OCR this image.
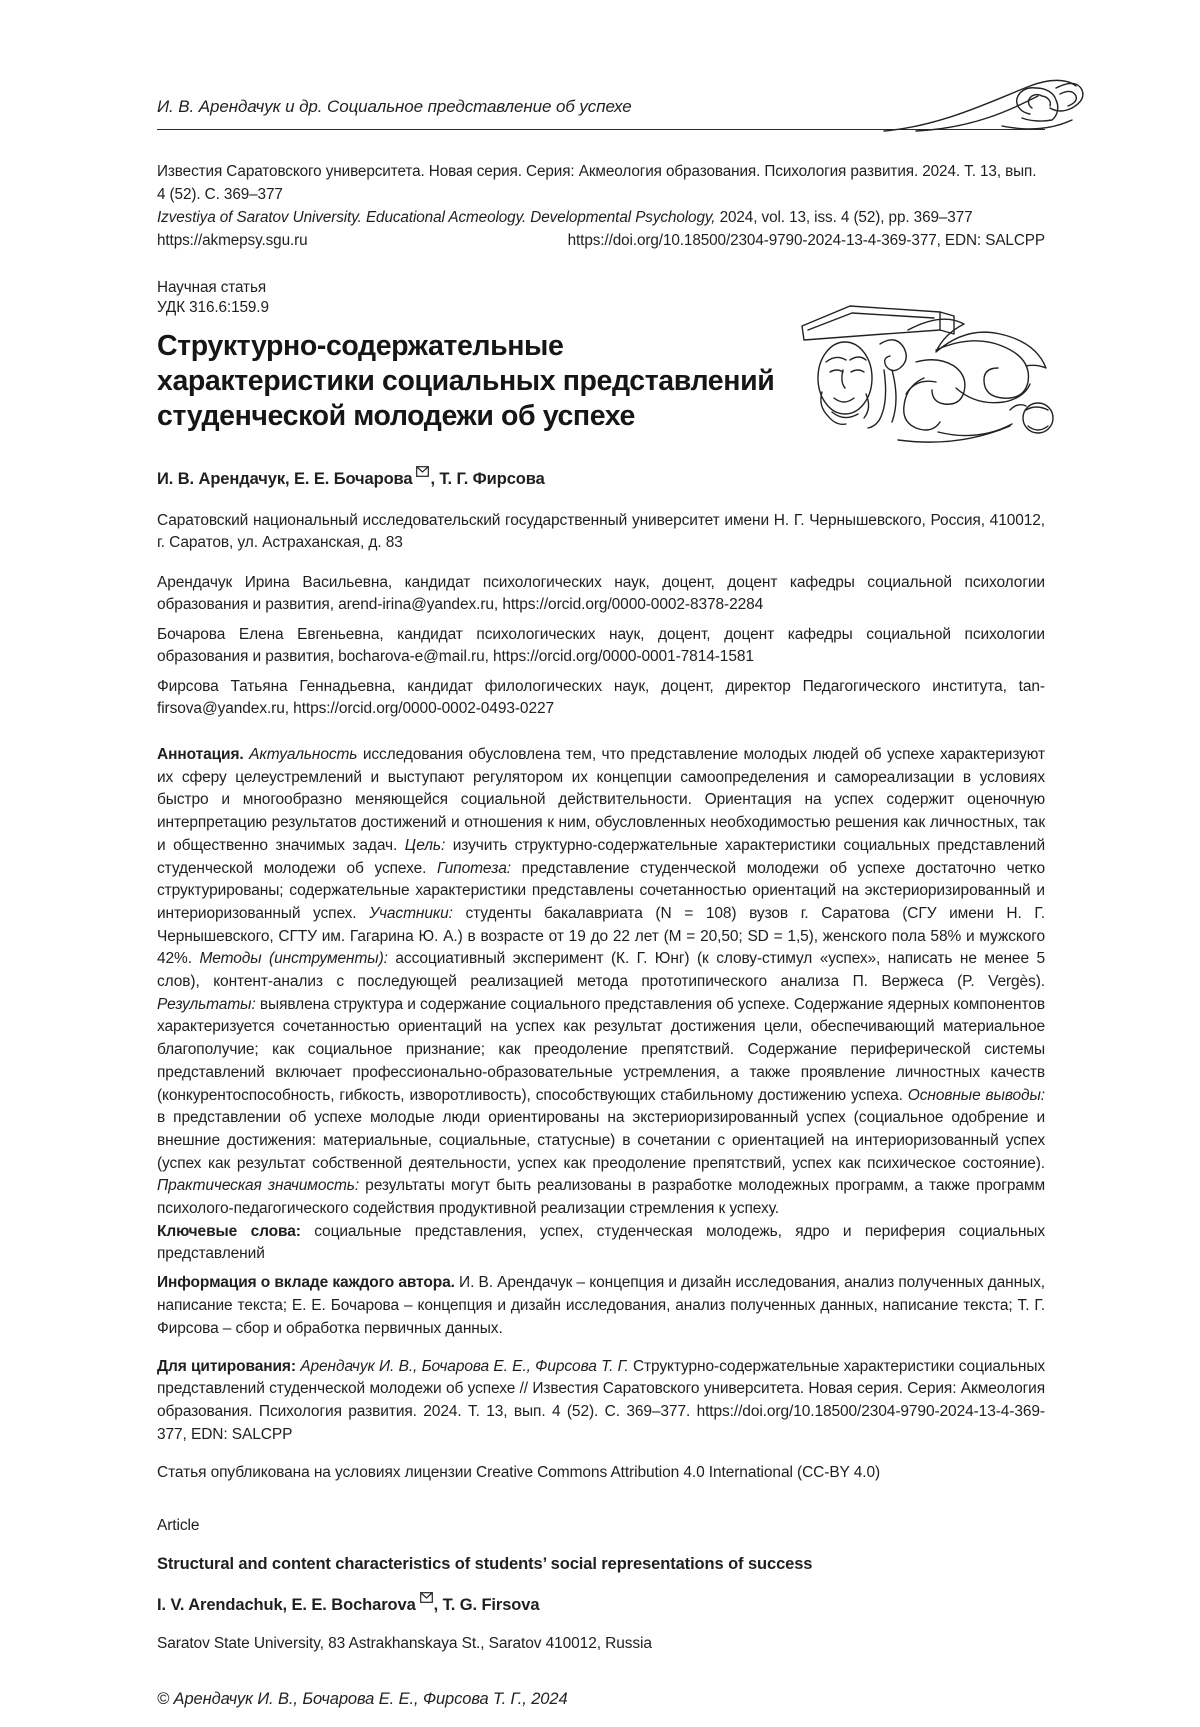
И. В. Арендачук и др. Социальное представление об успехе
Известия Саратовского университета. Новая серия. Серия: Акмеология образования. Психология развития. 2024. Т. 13, вып. 4 (52). С. 369–377
Izvestiya of Saratov University. Educational Acmeology. Developmental Psychology, 2024, vol. 13, iss. 4 (52), pp. 369–377
https://akmepsy.sgu.ru	https://doi.org/10.18500/2304-9790-2024-13-4-369-377, EDN: SALCPP
Научная статья
УДК 316.6:159.9
Структурно-содержательные
характеристики социальных представлений
студенческой молодежи об успехе

И. В. Арендачук, Е. Е. Бочарова , Т. Г. Фирсова

Саратовский национальный исследовательский государственный университет имени Н. Г. Чернышевского, Россия, 410012, г. Саратов, ул. Астраханская, д. 83

Арендачук Ирина Васильевна, кандидат психологических наук, доцент, доцент кафедры социальной психологии образования и развития, arend-irina@yandex.ru, https://orcid.org/0000-0002-8378-2284

Бочарова Елена Евгеньевна, кандидат психологических наук, доцент, доцент кафедры социальной психологии образования и развития, bocharova-e@mail.ru, https://orcid.org/0000-0001-7814-1581

Фирсова Татьяна Геннадьевна, кандидат филологических наук, доцент, директор Педагогического института, tan-firsova@yandex.ru, https://orcid.org/0000-0002-0493-0227

Аннотация. Актуальность исследования обусловлена тем, что представление молодых людей об успехе характеризуют их сферу целеустремлений и выступают регулятором их концепции самоопределения и самореализации в условиях быстро и многообразно меняющейся социальной действительности. Ориентация на успех содержит оценочную интерпретацию результатов достижений и отношения к ним, обусловленных необходимостью решения как личностных, так и общественно значимых задач. Цель: изучить структурно-содержательные характеристики социальных представлений студенческой молодежи об успехе. Гипотеза: представление студенческой молодежи об успехе достаточно четко структурированы; содержательные характеристики представлены сочетанностью ориентаций на экстериоризированный и интериоризованный успех. Участники: студенты бакалавриата (N = 108) вузов г. Саратова (СГУ имени Н. Г. Чернышевского, СГТУ им. Гагарина Ю. А.) в возрасте от 19 до 22 лет (M = 20,50; SD = 1,5), женского пола 58% и мужского 42%. Методы (инструменты): ассоциативный эксперимент (К. Г. Юнг) (к слову-стимул «успех», написать не менее 5 слов), контент-анализ с последующей реализацией метода прототипического анализа П. Вержеса (P. Vergès). Результаты: выявлена структура и содержание социального представления об успехе. Содержание ядерных компонентов характеризуется сочетанностью ориентаций на успех как результат достижения цели, обеспечивающий материальное благополучие; как социальное признание; как преодоление препятствий. Содержание периферической системы представлений включает профессионально-образовательные устремления, а также проявление личностных качеств (конкурентоспособность, гибкость, изворотливость), способствующих стабильному достижению успеха. Основные выводы: в представлении об успехе молодые люди ориентированы на экстериоризированный успех (социальное одобрение и внешние достижения: материальные, социальные, статусные) в сочетании с ориентацией на интериоризованный успех (успех как результат собственной деятельности, успех как преодоление препятствий, успех как психическое состояние). Практическая значимость: результаты могут быть реализованы в разработке молодежных программ, а также программ психолого-педагогического содействия продуктивной реализации стремления к успеху.

Ключевые слова: социальные представления, успех, студенческая молодежь, ядро и периферия социальных представлений

Информация о вкладе каждого автора. И. В. Арендачук – концепция и дизайн исследования, анализ полученных данных, написание текста; Е. Е. Бочарова – концепция и дизайн исследования, анализ полученных данных, написание текста; Т. Г. Фирсова – сбор и обработка первичных данных.

Для цитирования: Арендачук И. В., Бочарова Е. Е., Фирсова Т. Г. Структурно-содержательные характеристики социальных представлений студенческой молодежи об успехе // Известия Саратовского университета. Новая серия. Серия: Акмеология образования. Психология развития. 2024. Т. 13, вып. 4 (52). С. 369–377. https://doi.org/10.18500/2304-9790-2024-13-4-369-377, EDN: SALCPP

Статья опубликована на условиях лицензии Creative Commons Attribution 4.0 International (CC-BY 4.0)

Article

Structural and content characteristics of students’ social representations of success

I. V. Arendachuk, E. E. Bocharova , T. G. Firsova

Saratov State University, 83 Astrakhanskaya St., Saratov 410012, Russia

© Арендачук И. В., Бочарова Е. Е., Фирсова Т. Г., 2024
